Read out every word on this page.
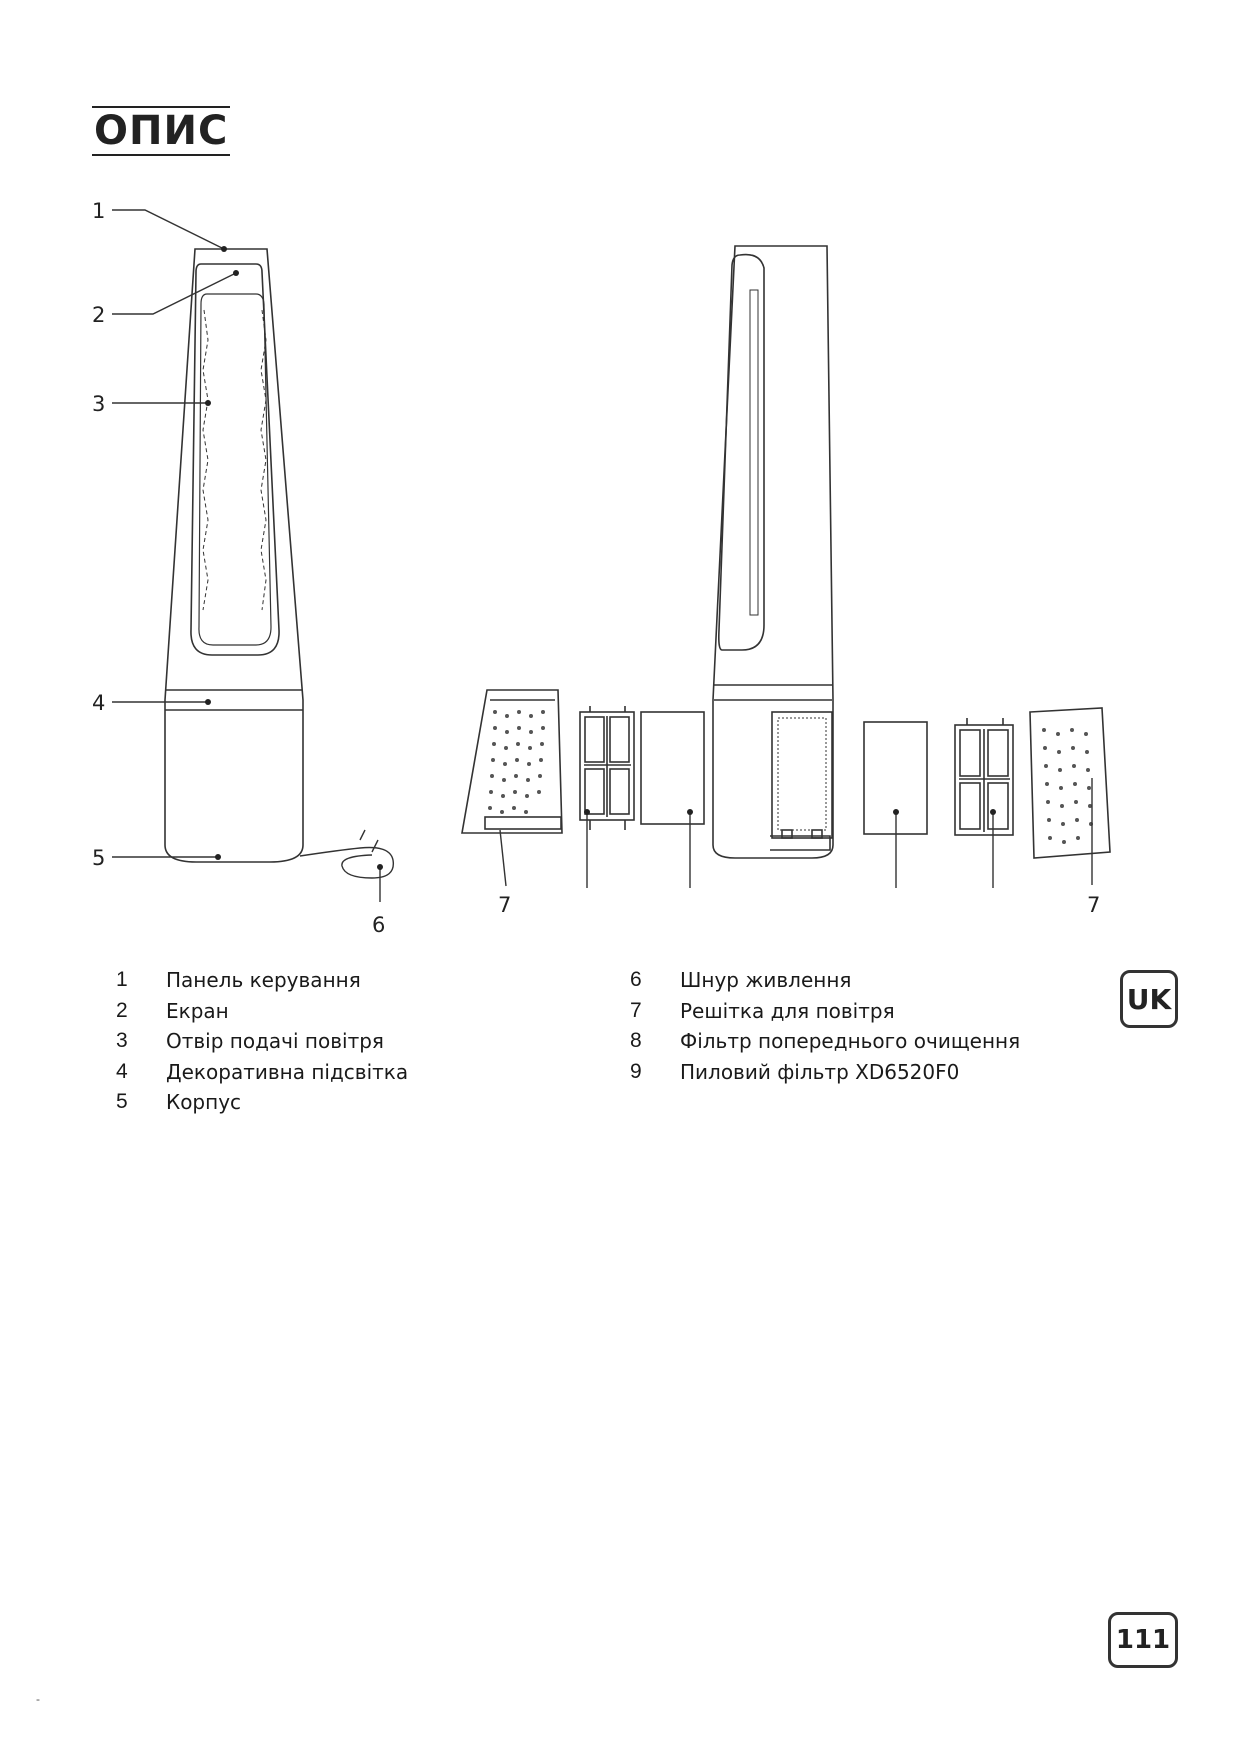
ОПИС
1
2
3
4
5
6
7	7
1	Панель керування
2	Екран
3	Отвір подачі повітря
4	Декоративна підсвітка
5	Корпус
6	Шнур живлення
7	Решітка для повітря
8	Фільтр попереднього очищення
9	Пиловий фільтр XD6520F0
UK
111
-
